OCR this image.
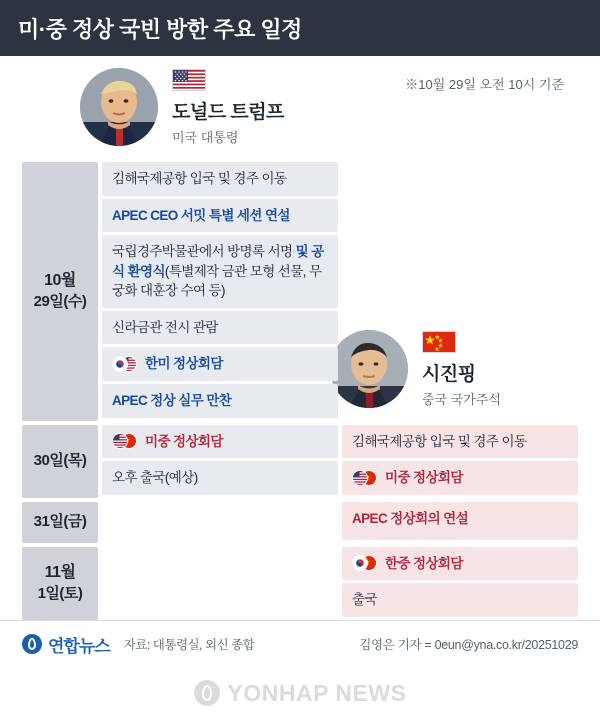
미·중 정상 국빈 방한 주요 일정
※10월 29일 오전 10시 기준
도널드 트럼프
미국 대통령
시진핑
중국 국가주석
10월
29일(수)
김해국제공항 입국 및 경주 이동
APEC CEO 서밋 특별 세션 연설
국립경주박물관에서 방명록 서명 및 공식 환영식(특별제작 금관 모형 선물, 무궁화 대훈장 수여 등)
신라금관 전시 관람
한미 정상회담
APEC 정상 실무 만찬
30일(목)
미중 정상회담
오후 출국(예상)
김해국제공항 입국 및 경주 이동
미중 정상회담
31일(금)	APEC 정상회의 연설
11월
1일(토)
한중 정상회담
출국
연합뉴스 자료: 대통령실, 외신 종합	김영은 기자 = 0eun@yna.co.kr/20251029
YONHAP NEWS
